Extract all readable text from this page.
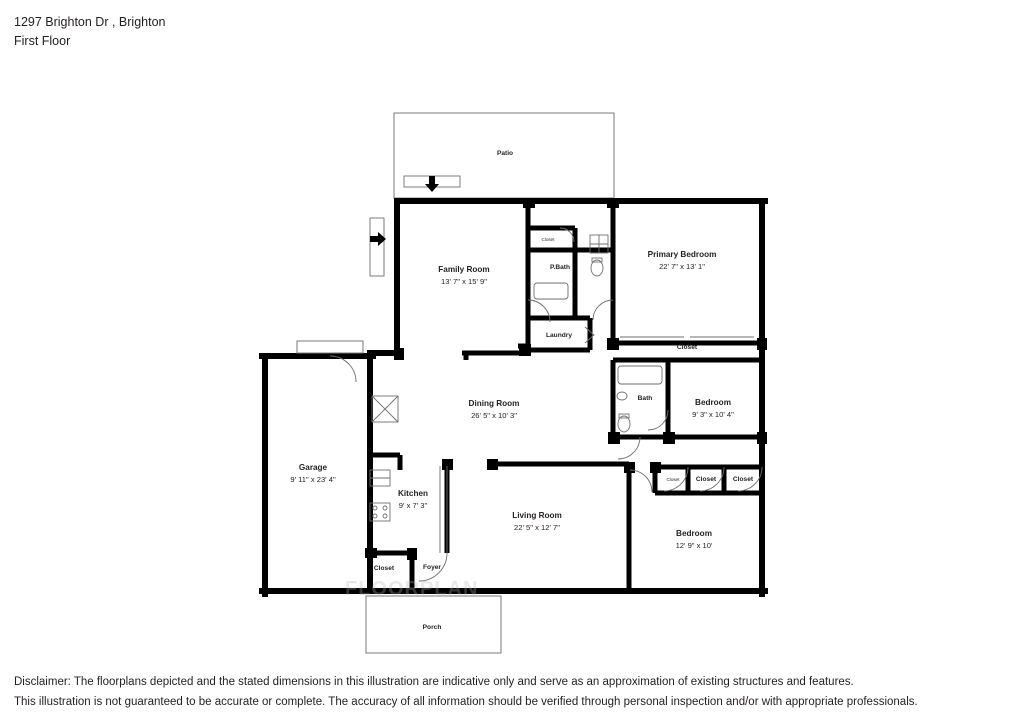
1297 Brighton Dr , Brighton
First Floor
FLOORPLAN
Patio
Family Room
13' 7" x 15' 9"
Primary Bedroom
22' 7" x 13' 1"
P.Bath
Closet
Laundry
Closet
Bath	Bedroom
9' 3" x 10' 4"
Dining Room
26' 5" x 10' 3"
Garage
9' 11" x 23' 4"
Kitchen
9' x 7' 3"
Living Room
22' 5" x 12' 7"
Bedroom
12' 9" x 10'
Closet	Closet
Closet
Closet	Foyer
Porch
Disclaimer: The floorplans depicted and the stated dimensions in this illustration are indicative only and serve as an approximation of existing structures and features.
This illustration is not guaranteed to be accurate or complete. The accuracy of all information should be verified through personal inspection and/or with appropriate professionals.
